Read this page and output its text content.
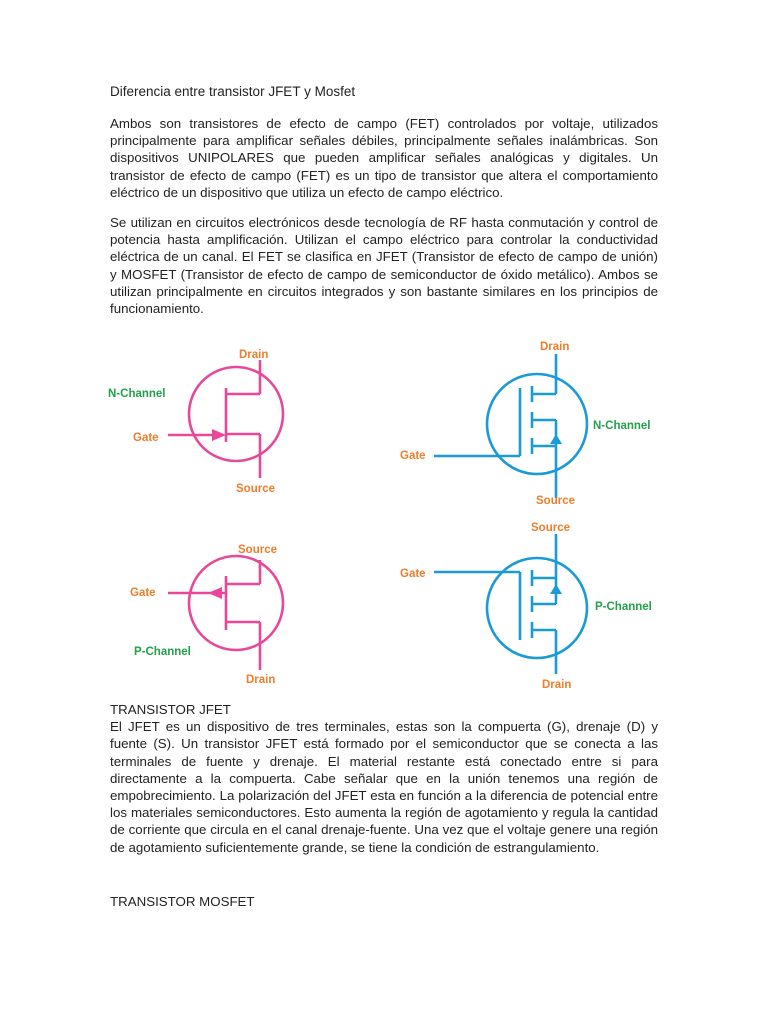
Diferencia entre transistor JFET y Mosfet

Ambos son transistores de efecto de campo (FET) controlados por voltaje, utilizados principalmente para amplificar señales débiles, principalmente señales inalámbricas. Son dispositivos UNIPOLARES que pueden amplificar señales analógicas y digitales. Un transistor de efecto de campo (FET) es un tipo de transistor que altera el comportamiento eléctrico de un dispositivo que utiliza un efecto de campo eléctrico.

Se utilizan en circuitos electrónicos desde tecnología de RF hasta conmutación y control de potencia hasta amplificación. Utilizan el campo eléctrico para controlar la conductividad eléctrica de un canal. El FET se clasifica en JFET (Transistor de efecto de campo de unión) y MOSFET (Transistor de efecto de campo de semiconductor de óxido metálico). Ambos se utilizan principalmente en circuitos integrados y son bastante similares en los principios de funcionamiento.

Drain
N-Channel
Gate
Source
Source
Gate
P-Channel
Drain
Drain
N-Channel
Gate
Source
Source
Gate
P-Channel
Drain

TRANSISTOR JFET

El JFET es un dispositivo de tres terminales, estas son la compuerta (G), drenaje (D) y fuente (S). Un transistor JFET está formado por el semiconductor que se conecta a las terminales de fuente y drenaje. El material restante está conectado entre si para directamente a la compuerta. Cabe señalar que en la unión tenemos una región de empobrecimiento. La polarización del JFET esta en función a la diferencia de potencial entre los materiales semiconductores. Esto aumenta la región de agotamiento y regula la cantidad de corriente que circula en el canal drenaje-fuente. Una vez que el voltaje genere una región de agotamiento suficientemente grande, se tiene la condición de estrangulamiento.

TRANSISTOR MOSFET
